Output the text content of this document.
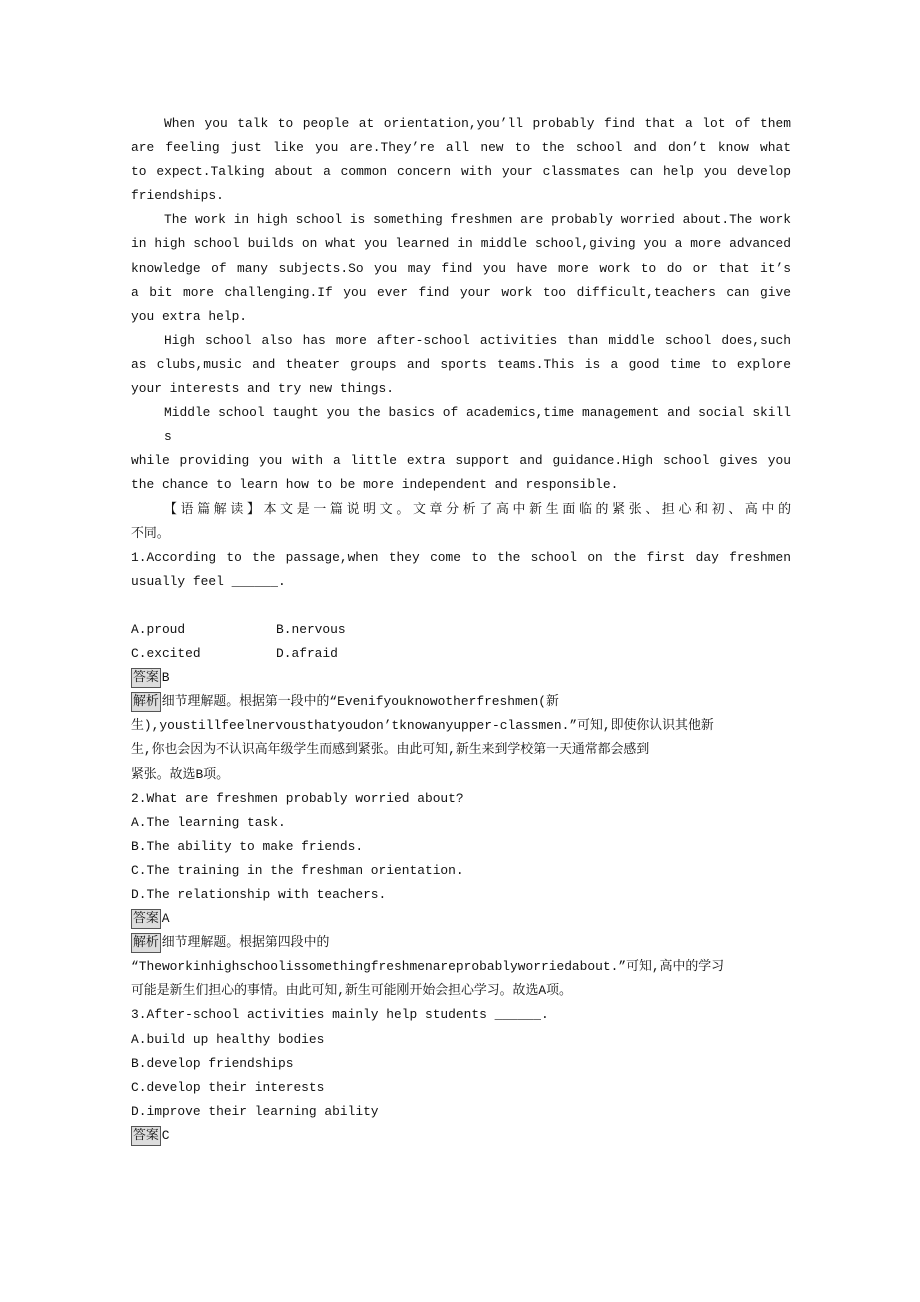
When you talk to people at orientation,you’ll probably find that a lot of them
are feeling just like you are.They’re all new to the school and don’t know what
to expect.Talking about a common concern with your classmates can help you develop
friendships.
The work in high school is something freshmen are probably worried about.The work
in high school builds on what you learned in middle school,giving you a more advanced
knowledge of many subjects.So you may find you have more work to do or that it’s
a bit more challenging.If you ever find your work too difficult,teachers can give
you extra help.
High school also has more after-school activities than middle school does,such
as clubs,music and theater groups and sports teams.This is a good time to explore
your interests and try new things.
Middle school taught you the basics of academics,time management and social skills
while providing you with a little extra support and guidance.High school gives you
the chance to learn how to be more independent and responsible.
【语篇解读】本文是一篇说明文。文章分析了高中新生面临的紧张、担心和初、高中的
不同。
1.According to the passage,when they come to the school on the first day freshmen
usually feel ______.
A.proud	B.nervous
C.excited	D.afraid
答案 B
解析 细节理解题。根据第一段中的“Evenifyouknowotherfreshmen(新
生),youstillfeelnervousthatyoudon’tknowanyupper-classmen.”可知,即使你认识其他新
生,你也会因为不认识高年级学生而感到紧张。由此可知,新生来到学校第一天通常都会感到
紧张。故选B项。
2.What are freshmen probably worried about?
A.The learning task.
B.The ability to make friends.
C.The training in the freshman orientation.
D.The relationship with teachers.
答案 A
解析 细节理解题。根据第四段中的
“Theworkinhighschoolissomethingfreshmenareprobablyworriedabout.”可知,高中的学习
可能是新生们担心的事情。由此可知,新生可能刚开始会担心学习。故选A项。
3.After-school activities mainly help students ______.
A.build up healthy bodies
B.develop friendships
C.develop their interests
D.improve their learning ability
答案 C
